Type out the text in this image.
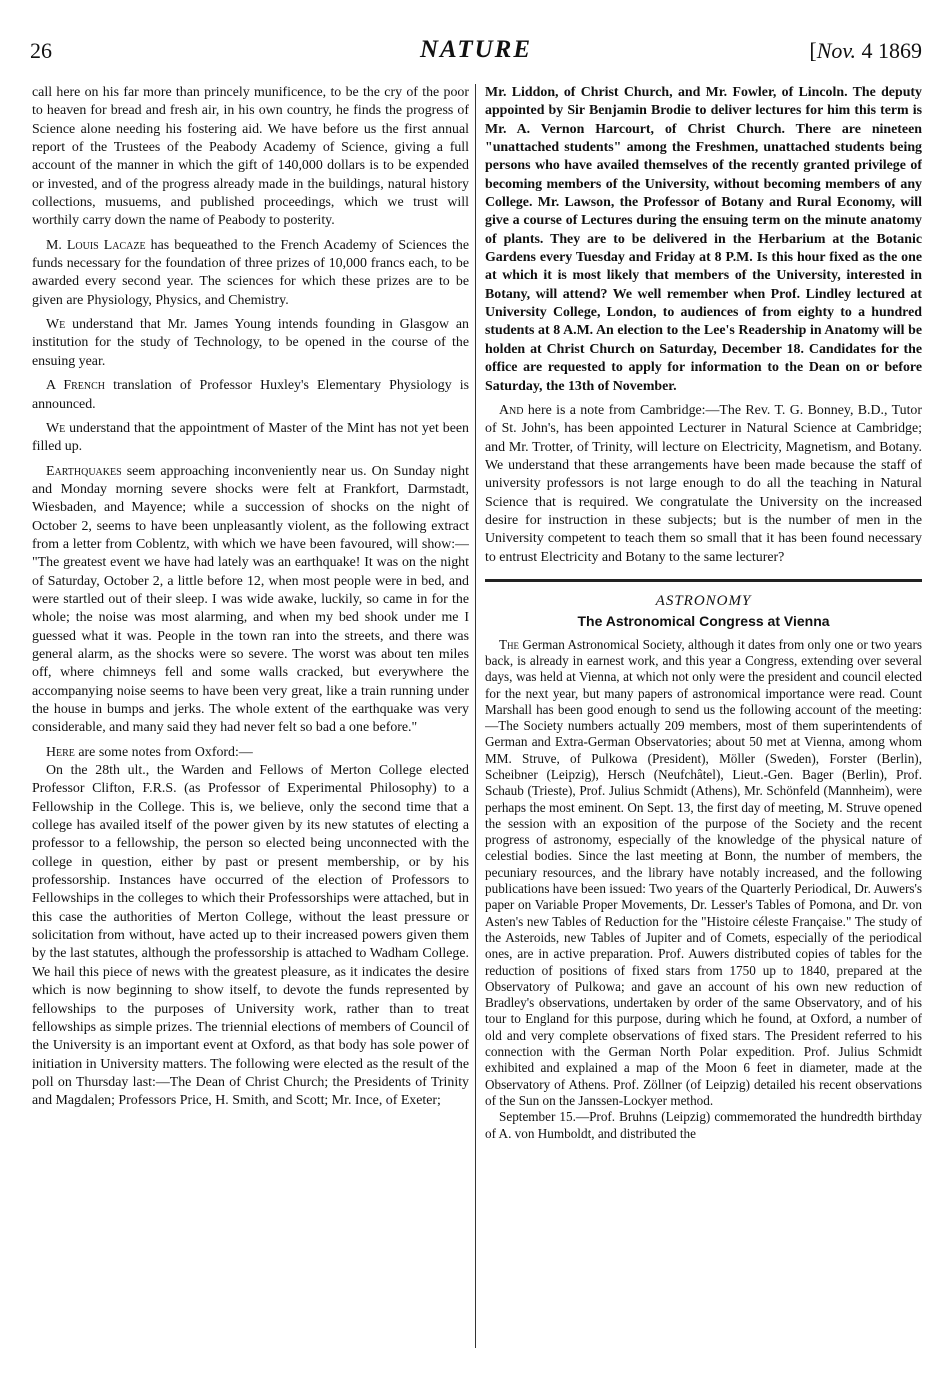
26	NATURE	[Nov. 4 1869

call here on his far more than princely munificence, to be the cry of the poor to heaven for bread and fresh air, in his own country, he finds the progress of Science alone needing his fostering aid. We have before us the first annual report of the Trustees of the Peabody Academy of Science, giving a full account of the manner in which the gift of 140,000 dollars is to be expended or invested, and of the progress already made in the buildings, natural history collections, musuems, and published proceedings, which we trust will worthily carry down the name of Peabody to posterity.

M. Louis Lacaze has bequeathed to the French Academy of Sciences the funds necessary for the foundation of three prizes of 10,000 francs each, to be awarded every second year. The sciences for which these prizes are to be given are Physiology, Physics, and Chemistry.

We understand that Mr. James Young intends founding in Glasgow an institution for the study of Technology, to be opened in the course of the ensuing year.

A French translation of Professor Huxley's Elementary Physiology is announced.

We understand that the appointment of Master of the Mint has not yet been filled up.

Earthquakes seem approaching inconveniently near us. On Sunday night and Monday morning severe shocks were felt at Frankfort, Darmstadt, Wiesbaden, and Mayence; while a succession of shocks on the night of October 2, seems to have been unpleasantly violent, as the following extract from a letter from Coblentz, with which we have been favoured, will show:— "The greatest event we have had lately was an earthquake! It was on the night of Saturday, October 2, a little before 12, when most people were in bed, and were startled out of their sleep. I was wide awake, luckily, so came in for the whole; the noise was most alarming, and when my bed shook under me I guessed what it was. People in the town ran into the streets, and there was general alarm, as the shocks were so severe. The worst was about ten miles off, where chimneys fell and some walls cracked, but everywhere the accompanying noise seems to have been very great, like a train running under the house in bumps and jerks. The whole extent of the earthquake was very considerable, and many said they had never felt so bad a one before."

Here are some notes from Oxford:—

On the 28th ult., the Warden and Fellows of Merton College elected Professor Clifton, F.R.S. (as Professor of Experimental Philosophy) to a Fellowship in the College. This is, we believe, only the second time that a college has availed itself of the power given by its new statutes of electing a professor to a fellowship, the person so elected being unconnected with the college in question, either by past or present membership, or by his professorship. Instances have occurred of the election of Professors to Fellowships in the colleges to which their Professorships were attached, but in this case the authorities of Merton College, without the least pressure or solicitation from without, have acted up to their increased powers given them by the last statutes, although the professorship is attached to Wadham College. We hail this piece of news with the greatest pleasure, as it indicates the desire which is now beginning to show itself, to devote the funds represented by fellowships to the purposes of University work, rather than to treat fellowships as simple prizes. The triennial elections of members of Council of the University is an important event at Oxford, as that body has sole power of initiation in University matters. The following were elected as the result of the poll on Thursday last:—The Dean of Christ Church; the Presidents of Trinity and Magdalen; Professors Price, H. Smith, and Scott; Mr. Ince, of Exeter;

Mr. Liddon, of Christ Church, and Mr. Fowler, of Lincoln. The deputy appointed by Sir Benjamin Brodie to deliver lectures for him this term is Mr. A. Vernon Harcourt, of Christ Church. There are nineteen "unattached students" among the Freshmen, unattached students being persons who have availed themselves of the recently granted privilege of becoming members of the University, without becoming members of any College. Mr. Lawson, the Professor of Botany and Rural Economy, will give a course of Lectures during the ensuing term on the minute anatomy of plants. They are to be delivered in the Herbarium at the Botanic Gardens every Tuesday and Friday at 8 P.M. Is this hour fixed as the one at which it is most likely that members of the University, interested in Botany, will attend? We well remember when Prof. Lindley lectured at University College, London, to audiences of from eighty to a hundred students at 8 A.M. An election to the Lee's Readership in Anatomy will be holden at Christ Church on Saturday, December 18. Candidates for the office are requested to apply for information to the Dean on or before Saturday, the 13th of November.

And here is a note from Cambridge:—The Rev. T. G. Bonney, B.D., Tutor of St. John's, has been appointed Lecturer in Natural Science at Cambridge; and Mr. Trotter, of Trinity, will lecture on Electricity, Magnetism, and Botany. We understand that these arrangements have been made because the staff of university professors is not large enough to do all the teaching in Natural Science that is required. We congratulate the University on the increased desire for instruction in these subjects; but is the number of men in the University competent to teach them so small that it has been found necessary to entrust Electricity and Botany to the same lecturer?

ASTRONOMY
The Astronomical Congress at Vienna

The German Astronomical Society, although it dates from only one or two years back, is already in earnest work, and this year a Congress, extending over several days, was held at Vienna, at which not only were the president and council elected for the next year, but many papers of astronomical importance were read. Count Marshall has been good enough to send us the following account of the meeting:—The Society numbers actually 209 members, most of them superintendents of German and Extra-German Observatories; about 50 met at Vienna, among whom MM. Struve, of Pulkowa (President), Möller (Sweden), Forster (Berlin), Scheibner (Leipzig), Hersch (Neufchâtel), Lieut.-Gen. Bager (Berlin), Prof. Schaub (Trieste), Prof. Julius Schmidt (Athens), Mr. Schönfeld (Mannheim), were perhaps the most eminent. On Sept. 13, the first day of meeting, M. Struve opened the session with an exposition of the purpose of the Society and the recent progress of astronomy, especially of the knowledge of the physical nature of celestial bodies. Since the last meeting at Bonn, the number of members, the pecuniary resources, and the library have notably increased, and the following publications have been issued: Two years of the Quarterly Periodical, Dr. Auwers's paper on Variable Proper Movements, Dr. Lesser's Tables of Pomona, and Dr. von Asten's new Tables of Reduction for the "Histoire céleste Française." The study of the Asteroids, new Tables of Jupiter and of Comets, especially of the periodical ones, are in active preparation. Prof. Auwers distributed copies of tables for the reduction of positions of fixed stars from 1750 up to 1840, prepared at the Observatory of Pulkowa; and gave an account of his own new reduction of Bradley's observations, undertaken by order of the same Observatory, and of his tour to England for this purpose, during which he found, at Oxford, a number of old and very complete observations of fixed stars. The President referred to his connection with the German North Polar expedition. Prof. Julius Schmidt exhibited and explained a map of the Moon 6 feet in diameter, made at the Observatory of Athens. Prof. Zöllner (of Leipzig) detailed his recent observations of the Sun on the Janssen-Lockyer method.

September 15.—Prof. Bruhns (Leipzig) commemorated the hundredth birthday of A. von Humboldt, and distributed the
